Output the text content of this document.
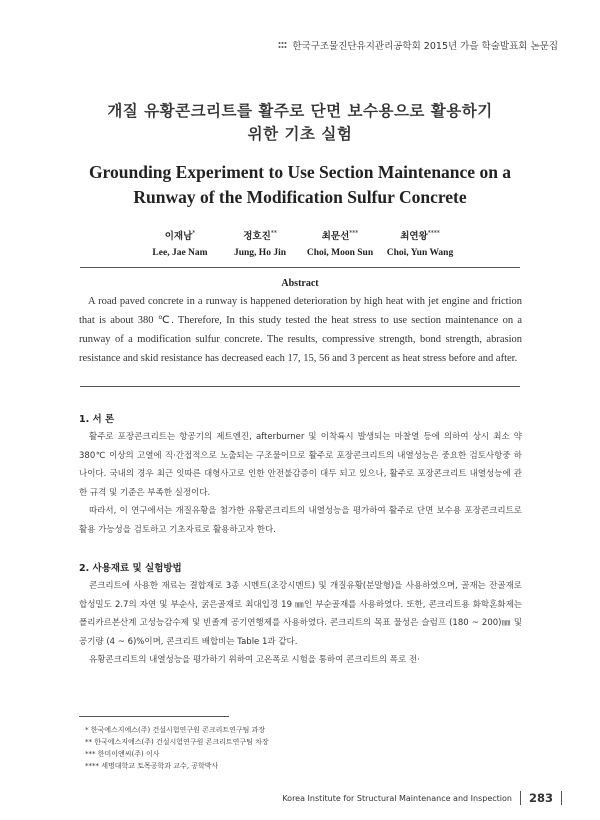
한국구조물진단유지관리공학회 2015년 가을 학술발표회 논문집
개질 유황콘크리트를 활주로 단면 보수용으로 활용하기
위한 기초 실험
Grounding Experiment to Use Section Maintenance on a
Runway of the Modification Sulfur Concrete
이재남*
Lee, Jae Nam
정호진**
Jung, Ho Jin
최문선***
Choi, Moon Sun
최연왕****
Choi, Yun Wang
Abstract
A road paved concrete in a runway is happened deterioration by high heat with jet engine and friction that is about 380 ℃. Therefore, In this study tested the heat stress to use section maintenance on a runway of a modification sulfur concrete. The results, compressive strength, bond strength, abrasion resistance and skid resistance has decreased each 17, 15, 56 and 3 percent as heat stress before and after.
1. 서 론

활주로 포장콘크리트는 항공기의 제트엔진, afterburner 및 이착륙시 발생되는 마찰열 등에 의하여 상시 최소 약 380℃ 이상의 고열에 직·간접적으로 노출되는 구조물이므로 활주로 포장콘크리트의 내열성능은 중요한 검토사항중 하나이다. 국내의 경우 최근 잇따른 대형사고로 인한 안전불감증이 대두 되고 있으나, 활주로 포장콘크리트 내열성능에 관한 규격 및 기준은 부족한 실정이다.

따라서, 이 연구에서는 개질유황을 첨가한 유황콘크리트의 내열성능을 평가하여 활주로 단면 보수용 포장콘크리트로 활용 가능성을 검토하고 기초자료로 활용하고자 한다.

2. 사용재료 및 실험방법

콘크리트에 사용한 재료는 결합재로 3종 시멘트(조강시멘트) 및 개질유황(분말형)을 사용하였으며, 골재는 잔골재로 합성밀도 2.7의 자연 및 부순사, 굵은골재로 최대입경 19 ㎜인 부순골재를 사용하였다. 또한, 콘크리트용 화학혼화제는 폴리카르본산계 고성능감수제 및 빈졸계 공기연행제를 사용하였다. 콘크리트의 목표 물성은 슬럼프 (180 ~ 200)㎜ 및 공기량 (4 ~ 6)%이며, 콘크리트 배합비는 Table 1과 같다.

유황콘크리트의 내열성능을 평가하기 위하여 고온폭로 시험을 통하여 콘크리트의 폭로 전·

* 한국에스지에스(주) 건설시험연구원 콘크리트연구팀 과장
** 한국에스지에스(주) 건설시험연구원 콘크리트연구팀 차장
*** 한미이앤씨(주) 이사
**** 세명대학교 토목공학과 교수, 공학박사
Korea Institute for Structural Maintenance and Inspection 283
